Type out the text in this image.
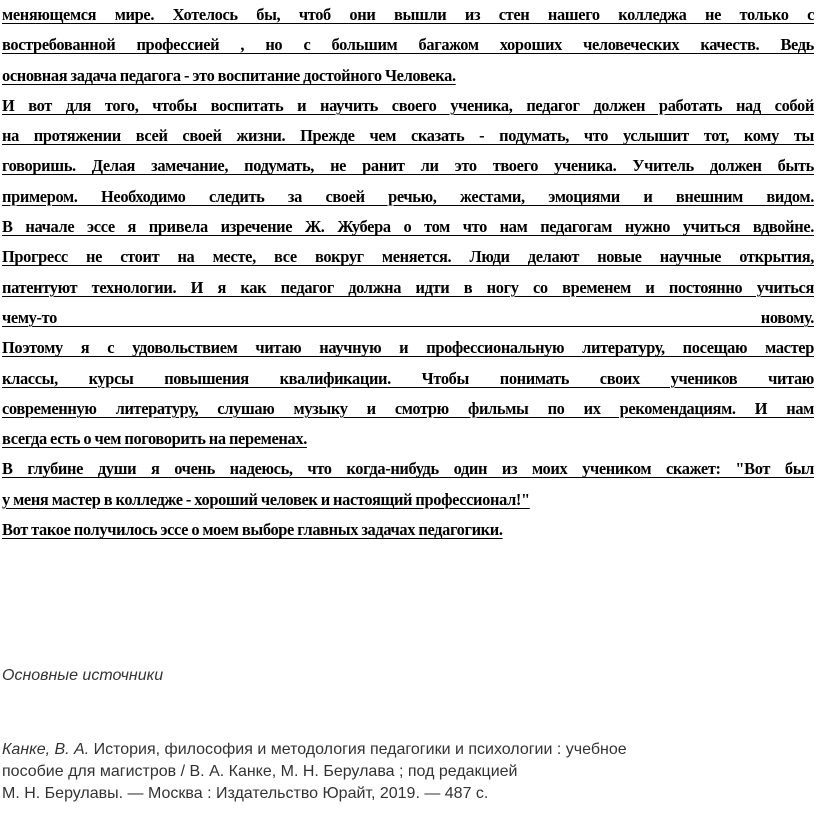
меняющемся мире. Хотелось бы, чтоб они вышли из стен нашего колледжа не только с
востребованной профессией , но с большим багажом хороших человеческих качеств. Ведь
основная задача педагога - это воспитание достойного Человека.
И вот для того, чтобы воспитать и научить своего ученика, педагог должен работать над собой
на протяжении всей своей жизни. Прежде чем сказать - подумать, что услышит тот, кому ты
говоришь. Делая замечание, подумать, не ранит ли это твоего ученика. Учитель должен быть
примером. Необходимо следить за своей речью, жестами, эмоциями и внешним видом.
В начале эссе я привела изречение Ж. Жубера о том что нам педагогам нужно учиться вдвойне.
Прогресс не стоит на месте, все вокруг меняется. Люди делают новые научные открытия,
патентуют технологии. И я как педагог должна идти в ногу со временем и постоянно учиться
чему-то новому.
Поэтому я с удовольствием читаю научную и профессиональную литературу, посещаю мастер
классы, курсы повышения квалификации. Чтобы понимать своих учеников читаю
современную литературу, слушаю музыку и смотрю фильмы по их рекомендациям. И нам
всегда есть о чем поговорить на переменах.
В глубине души я очень надеюсь, что когда-нибудь один из моих учеником скажет: "Вот был
у меня мастер в колледже - хороший человек и настоящий профессионал!"
Вот такое получилось эссе о моем выборе главных задачах педагогики.
Основные источники
Канке, В. А. История, философия и методология педагогики и психологии : учебное
пособие для магистров / В. А. Канке, М. Н. Берулава ; под редакцией
М. Н. Берулавы. — Москва : Издательство Юрайт, 2019. — 487 с.
